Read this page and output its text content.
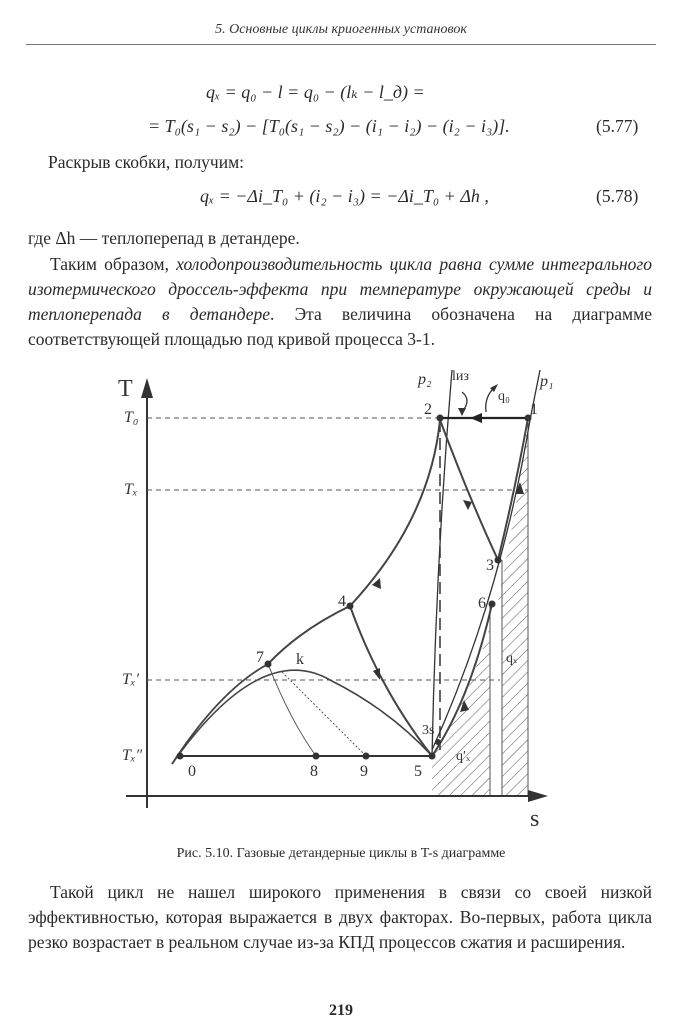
5. Основные циклы криогенных установок
qₓ = q₀ − l = q₀ − (lₖ − l_д) =
= T₀(s₁ − s₂) − [T₀(s₁ − s₂) − (i₁ − i₂) − (i₂ − i₃)].	(5.77)
Раскрыв скобки, получим:
qₓ = −Δi_T₀ + (i₂ − i₃) = −Δi_T₀ + Δh ,	(5.78)
где Δh — теплоперепад в детандере.
Таким образом, холодопроизводительность цикла равна сумме интегрального изотермического дроссель-эффекта при температуре окружающей среды и теплоперепада в детандере. Эта величина обозначена на диаграмме соответствующей площадью под кривой процесса 3-1.
T
s
T₀
Tₓ
Tₓ′
Tₓ″
p₂	p₁
lиз
q₀
0
1
2
3
3s
4
5
6
7
8	9
k	qₓ
q′ₓ
Рис. 5.10. Газовые детандерные циклы в T-s диаграмме
Такой цикл не нашел широкого применения в связи со своей низкой эффективностью, которая выражается в двух факторах. Во-первых, работа цикла резко возрастает в реальном случае из-за КПД процессов сжатия и расширения.
219
